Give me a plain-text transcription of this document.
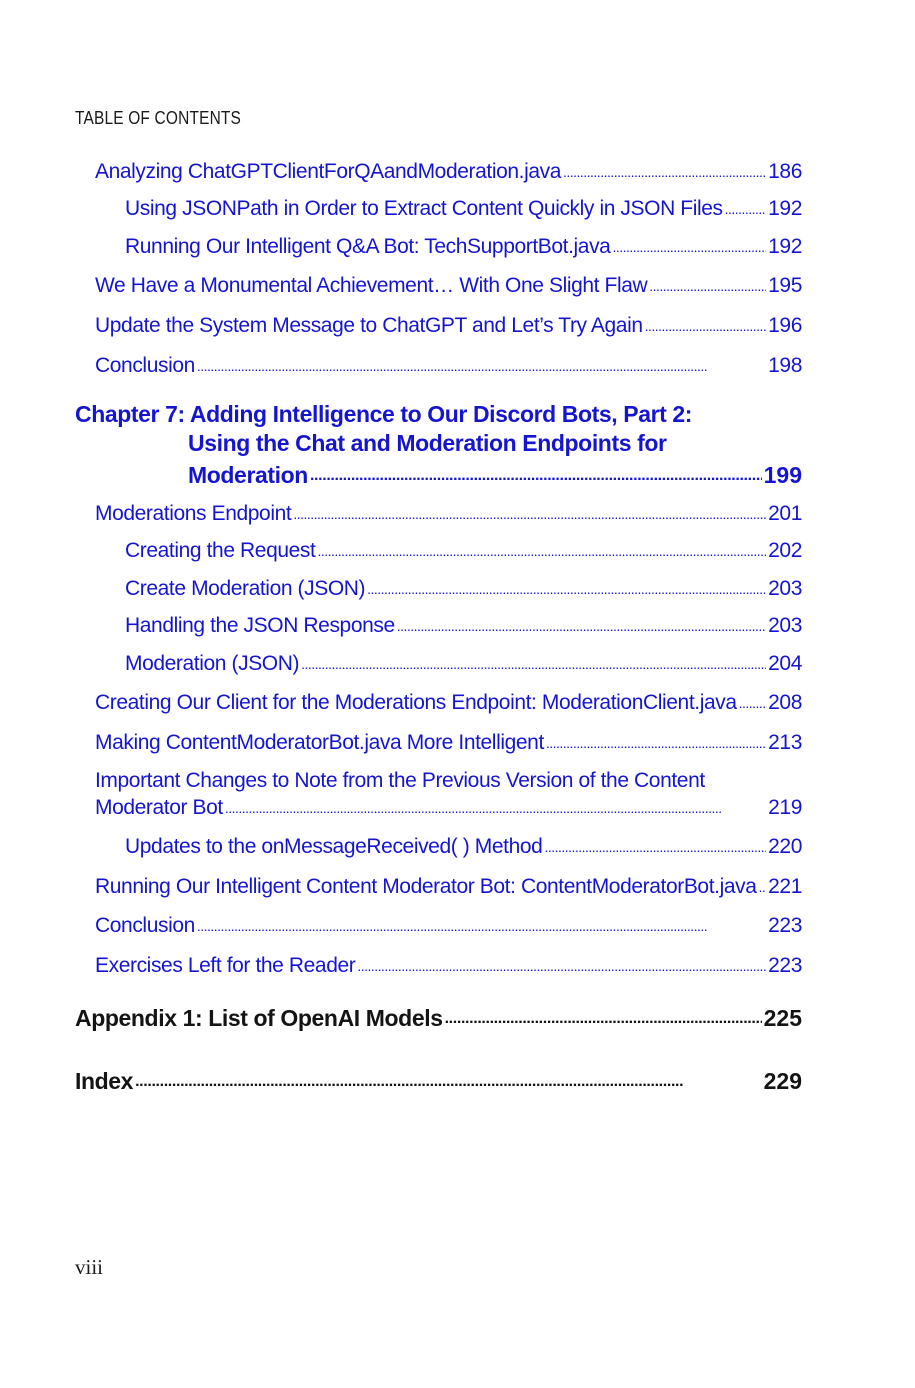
TABLE OF CONTENTS
Analyzing ChatGPTClientForQAandModeration.java . . .	186
Using JSONPath in Order to Extract Content Quickly in JSON Files . . . 192
Running Our Intelligent Q&A Bot: TechSupportBot.java . . .	192
We Have a Monumental Achievement… With One Slight Flaw . . .	195
Update the System Message to ChatGPT and Let’s Try Again . . .	196
Conclusion . . .	198
Chapter 7: Adding Intelligence to Our Discord Bots, Part 2:
Using the Chat and Moderation Endpoints for
Moderation . . .	199
Moderations Endpoint . . .	201
Creating the Request . . .	202
Create Moderation (JSON) . . .	203
Handling the JSON Response . . .	203
Moderation (JSON) . . .	204
Creating Our Client for the Moderations Endpoint: ModerationClient.java . . . 208
Making ContentModeratorBot.java More Intelligent . . .	213
Important Changes to Note from the Previous Version of the Content
Moderator Bot . . .	219
Updates to the onMessageReceived( ) Method . . .	220
Running Our Intelligent Content Moderator Bot: ContentModeratorBot.java . . . 221
Conclusion . . .	223
Exercises Left for the Reader . . .	223
Appendix 1: List of OpenAI Models . . .	225
Index . . .	229
viii
